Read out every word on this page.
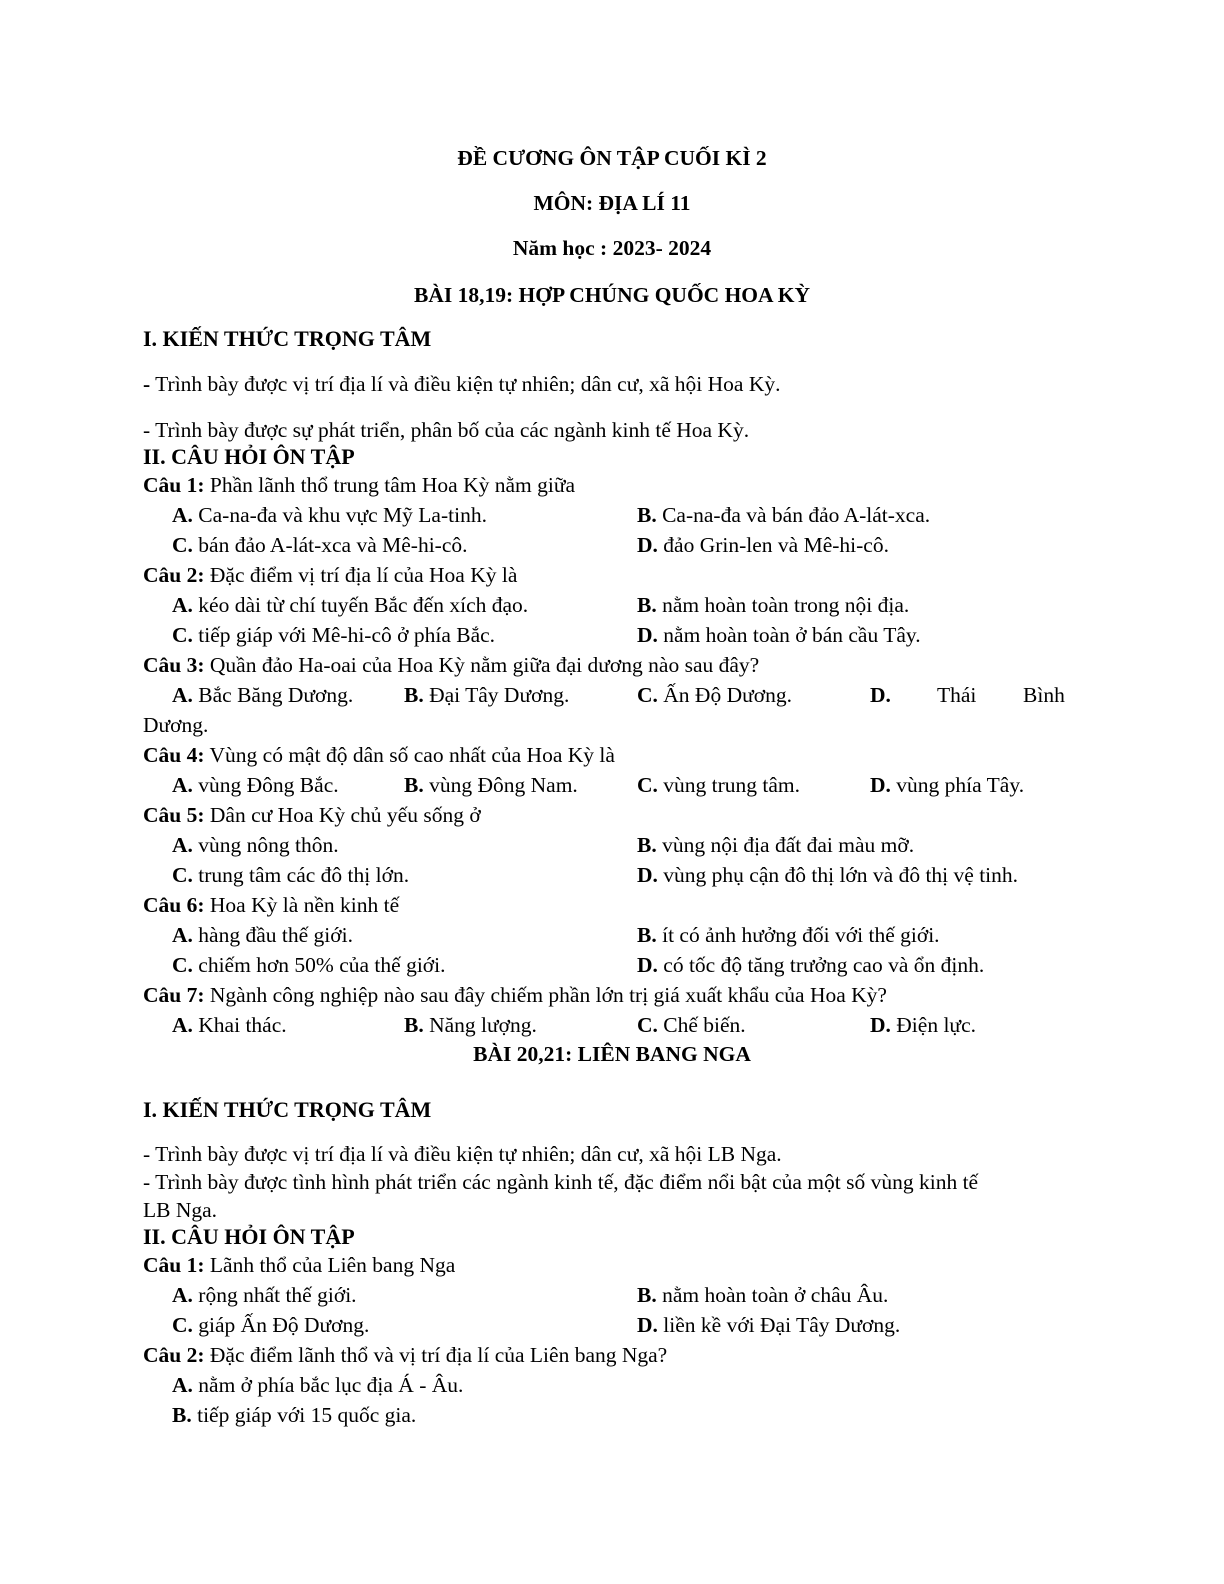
ĐỀ CƯƠNG ÔN TẬP CUỐI KÌ 2
MÔN: ĐỊA LÍ 11
Năm học : 2023- 2024
BÀI 18,19: HỢP CHÚNG QUỐC HOA KỲ
I. KIẾN THỨC TRỌNG TÂM
- Trình bày được vị trí địa lí và điều kiện tự nhiên; dân cư, xã hội Hoa Kỳ.
- Trình bày được sự phát triển, phân bố của các ngành kinh tế Hoa Kỳ.
II. CÂU HỎI ÔN TẬP
Câu 1: Phần lãnh thổ trung tâm Hoa Kỳ nằm giữa
A. Ca-na-đa và khu vực Mỹ La-tinh.	B. Ca-na-đa và bán đảo A-lát-xca.
C. bán đảo A-lát-xca và Mê-hi-cô.	D. đảo Grin-len và Mê-hi-cô.
Câu 2: Đặc điểm vị trí địa lí của Hoa Kỳ là
A. kéo dài từ chí tuyến Bắc đến xích đạo.	B. nằm hoàn toàn trong nội địa.
C. tiếp giáp với Mê-hi-cô ở phía Bắc.	D. nằm hoàn toàn ở bán cầu Tây.
Câu 3: Quần đảo Ha-oai của Hoa Kỳ nằm giữa đại dương nào sau đây?
A. Bắc Băng Dương. B. Đại Tây Dương.	C. Ấn Độ Dương.	D. Thái Bình
Dương.
Câu 4: Vùng có mật độ dân số cao nhất của Hoa Kỳ là
A. vùng Đông Bắc.	B. vùng Đông Nam.	C. vùng trung tâm.	D. vùng phía Tây.
Câu 5: Dân cư Hoa Kỳ chủ yếu sống ở
A. vùng nông thôn.	B. vùng nội địa đất đai màu mỡ.
C. trung tâm các đô thị lớn.	D. vùng phụ cận đô thị lớn và đô thị vệ tinh.
Câu 6: Hoa Kỳ là nền kinh tế
A. hàng đầu thế giới.	B. ít có ảnh hưởng đối với thế giới.
C. chiếm hơn 50% của thế giới.	D. có tốc độ tăng trưởng cao và ổn định.
Câu 7: Ngành công nghiệp nào sau đây chiếm phần lớn trị giá xuất khẩu của Hoa Kỳ?
A. Khai thác.	B. Năng lượng.	C. Chế biến.	D. Điện lực.
BÀI 20,21: LIÊN BANG NGA
I. KIẾN THỨC TRỌNG TÂM
- Trình bày được vị trí địa lí và điều kiện tự nhiên; dân cư, xã hội LB Nga.
- Trình bày được tình hình phát triển các ngành kinh tế, đặc điểm nổi bật của một số vùng kinh tế
LB Nga.
II. CÂU HỎI ÔN TẬP
Câu 1: Lãnh thổ của Liên bang Nga
A. rộng nhất thế giới.	B. nằm hoàn toàn ở châu Âu.
C. giáp Ấn Độ Dương.	D. liền kề với Đại Tây Dương.
Câu 2: Đặc điểm lãnh thổ và vị trí địa lí của Liên bang Nga?
A. nằm ở phía bắc lục địa Á - Âu.
B. tiếp giáp với 15 quốc gia.
